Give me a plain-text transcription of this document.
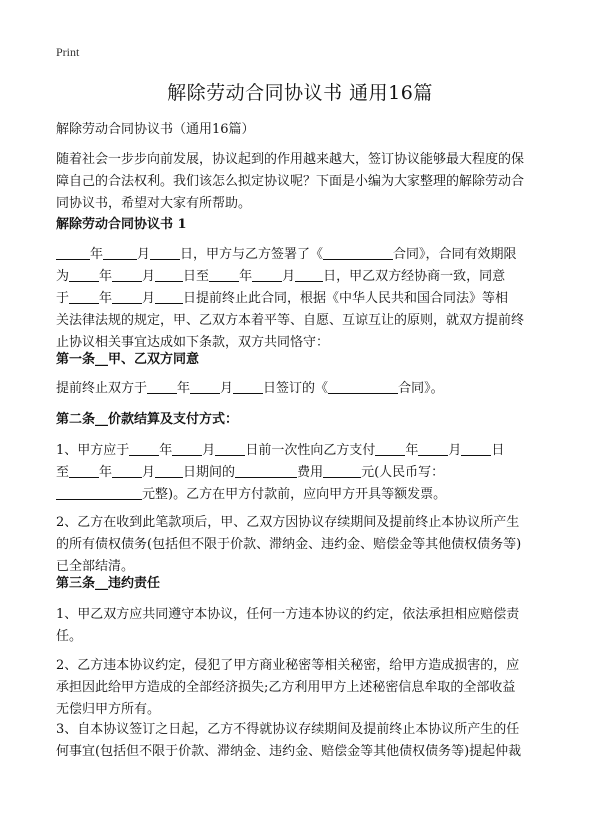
Print
解除劳动合同协议书 通用16篇
解除劳动合同协议书（通用16篇）
随着社会一步步向前发展，协议起到的作用越来越大，签订协议能够最大程度的保
障自己的合法权利。我们该怎么拟定协议呢？下面是小编为大家整理的解除劳动合
同协议书，希望对大家有所帮助。
解除劳动合同协议书 1
年	月 日，甲方与乙方签署了《	合同》，合同有效期限
为 年 月 日至 年 月 日，甲乙双方经协商一致，同意
于 年 月 日提前终止此合同，根据《中华人民共和国合同法》等相
关法律法规的规定，甲、乙双方本着平等、自愿、互谅互让的原则，就双方提前终
止协议相关事宜达成如下条款，双方共同恪守：
第一条__甲、乙双方同意
提前终止双方于 年 月 日签订的《	合同》。
第二条__价款结算及支付方式：
1、甲方应于 年 月 日前一次性向乙方支付 年 月 日
至 年 月 日期间的	费用	元(人民币写：
元整)。乙方在甲方付款前，应向甲方开具等额发票。
2、乙方在收到此笔款项后，甲、乙双方因协议存续期间及提前终止本协议所产生
的所有债权债务(包括但不限于价款、滞纳金、违约金、赔偿金等其他债权债务等)
已全部结清。
第三条__违约责任
1、甲乙双方应共同遵守本协议，任何一方违本协议的约定，依法承担相应赔偿责
任。
2、乙方违本协议约定，侵犯了甲方商业秘密等相关秘密，给甲方造成损害的，应
承担因此给甲方造成的全部经济损失;乙方利用甲方上述秘密信息牟取的全部收益
无偿归甲方所有。
3、自本协议签订之日起，乙方不得就协议存续期间及提前终止本协议所产生的任
何事宜(包括但不限于价款、滞纳金、违约金、赔偿金等其他债权债务等)提起仲裁
